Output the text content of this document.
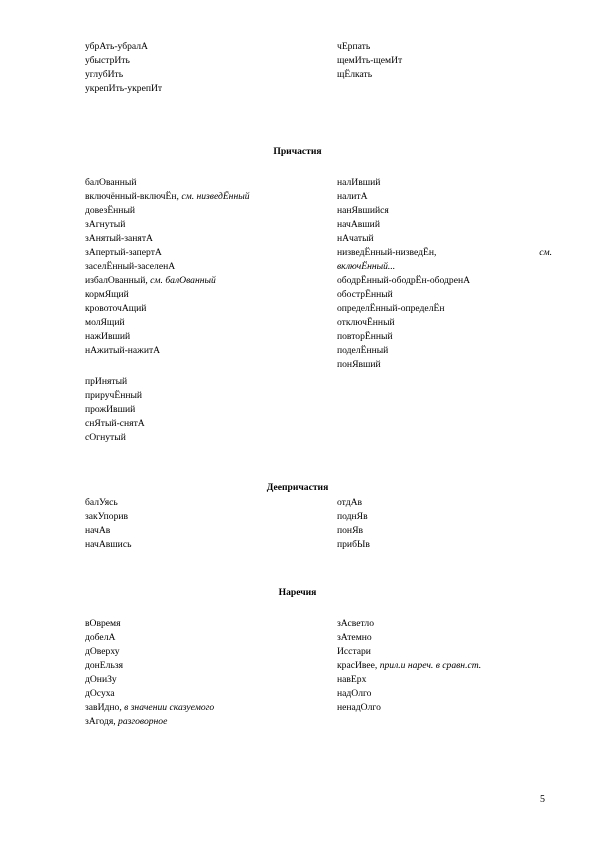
убрАть-убралА
убыстрИть
углубИть
укрепИть-укрепИт
чЕрпать
щемИть-щемИт
щЁлкать
Причастия
балОванный
включённый-включЁн, см. низведЁнный
довезЁнный
зАгнутый
зАнятый-занятА
зАпертый-запертА
заселЁнный-заселенА
избалОванный, см. балОванный
кормЯщий
кровоточАщий
молЯщий
нажИвший
нАжитый-нажитА
прИнятый
приручЁнный
прожИвший
снЯтый-снятА
сОгнутый
налИвший
налитА
нанЯвшийся
начАвший
нАчатый
низведЁнный-низведЁн,	см.
включЁнный...
ободрЁнный-ободрЁн-ободренА
обострЁнный
определЁнный-определЁн
отключЁнный
повторЁнный
поделЁнный
понЯвший
Деепричастия
балУясь
закУпорив
начАв
начАвшись
отдАв
поднЯв
понЯв
прибЫв
Наречия
вОвремя
добелА
дОверху
донЕльзя
дОниЗу
дОсуха
завИдно, в значении сказуемого
зАгодя, разговорное
зАсветло
зАтемно
Исстари
красИвее, прил.и нареч. в сравн.ст.
навЕрх
надОлго
ненадОлго
5
